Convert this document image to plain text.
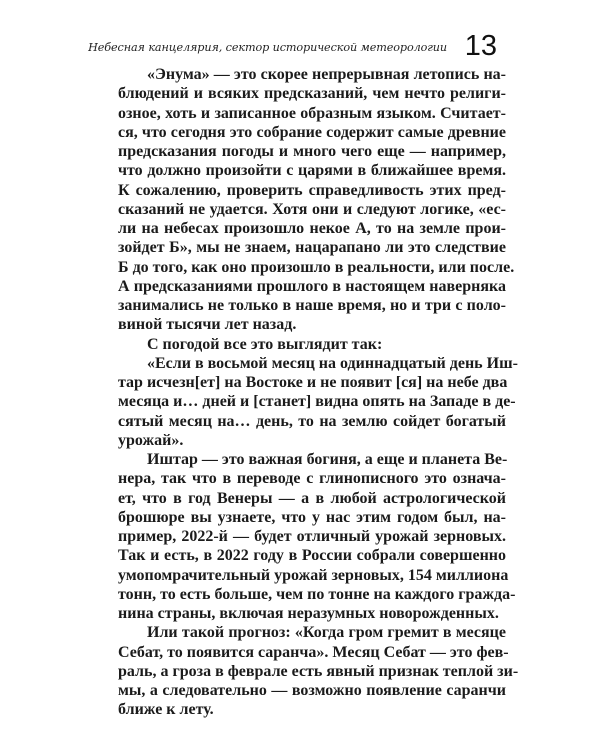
Небесная канцелярия, сектор исторической метеорологии 13
«Энума» — это скорее непрерывная летопись на-
блюдений и всяких предсказаний, чем нечто религи-
озное, хоть и записанное образным языком. Считает-
ся, что сегодня это собрание содержит самые древние
предсказания погоды и много чего еще — например,
что должно произойти с царями в ближайшее время.
К сожалению, проверить справедливость этих пред-
сказаний не удается. Хотя они и следуют логике, «ес-
ли на небесах произошло некое А, то на земле прои-
зойдет Б», мы не знаем, нацарапано ли это следствие
Б до того, как оно произошло в реальности, или после.
А предсказаниями прошлого в настоящем наверняка
занимались не только в наше время, но и три с поло-
виной тысячи лет назад.
С погодой все это выглядит так:
«Если в восьмой месяц на одиннадцатый день Иш-
тар исчезн[ет] на Востоке и не появит [ся] на небе два
месяца и… дней и [станет] видна опять на Западе в де-
сятый месяц на… день, то на землю сойдет богатый
урожай».
Иштар — это важная богиня, а еще и планета Ве-
нера, так что в переводе с глинописного это означа-
ет, что в год Венеры — а в любой астрологической
брошюре вы узнаете, что у нас этим годом был, на-
пример, 2022-й — будет отличный урожай зерновых.
Так и есть, в 2022 году в России собрали совершенно
умопомрачительный урожай зерновых, 154 миллиона
тонн, то есть больше, чем по тонне на каждого гражда-
нина страны, включая неразумных новорожденных.
Или такой прогноз: «Когда гром гремит в месяце
Себат, то появится саранча». Месяц Себат — это фев-
раль, а гроза в феврале есть явный признак теплой зи-
мы, а следовательно — возможно появление саранчи
ближе к лету.
